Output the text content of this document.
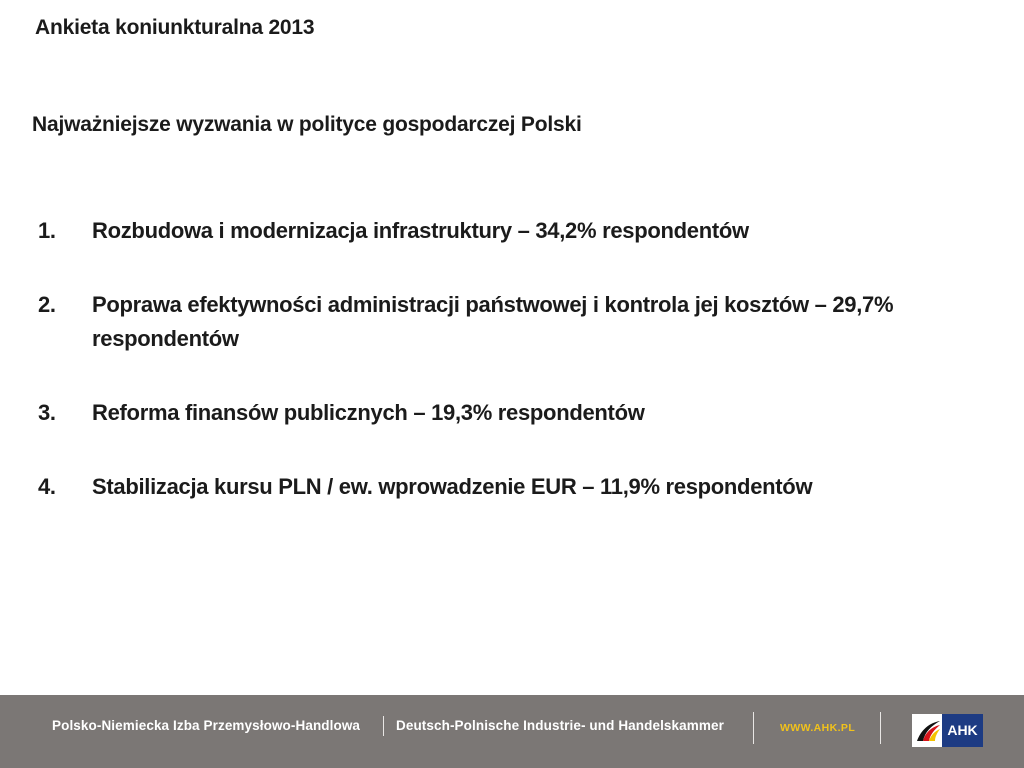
Ankieta koniunkturalna 2013
Najważniejsze wyzwania w polityce gospodarczej Polski
1.	Rozbudowa i modernizacja infrastruktury – 34,2% respondentów
2.	Poprawa efektywności administracji państwowej i kontrola jej kosztów – 29,7% respondentów
3.	Reforma finansów publicznych – 19,3% respondentów
4.	Stabilizacja kursu PLN / ew. wprowadzenie EUR – 11,9% respondentów
Polsko-Niemiecka Izba Przemysłowo-Handlowa	Deutsch-Polnische Industrie- und Handelskammer	WWW.AHK.PL	AHK
